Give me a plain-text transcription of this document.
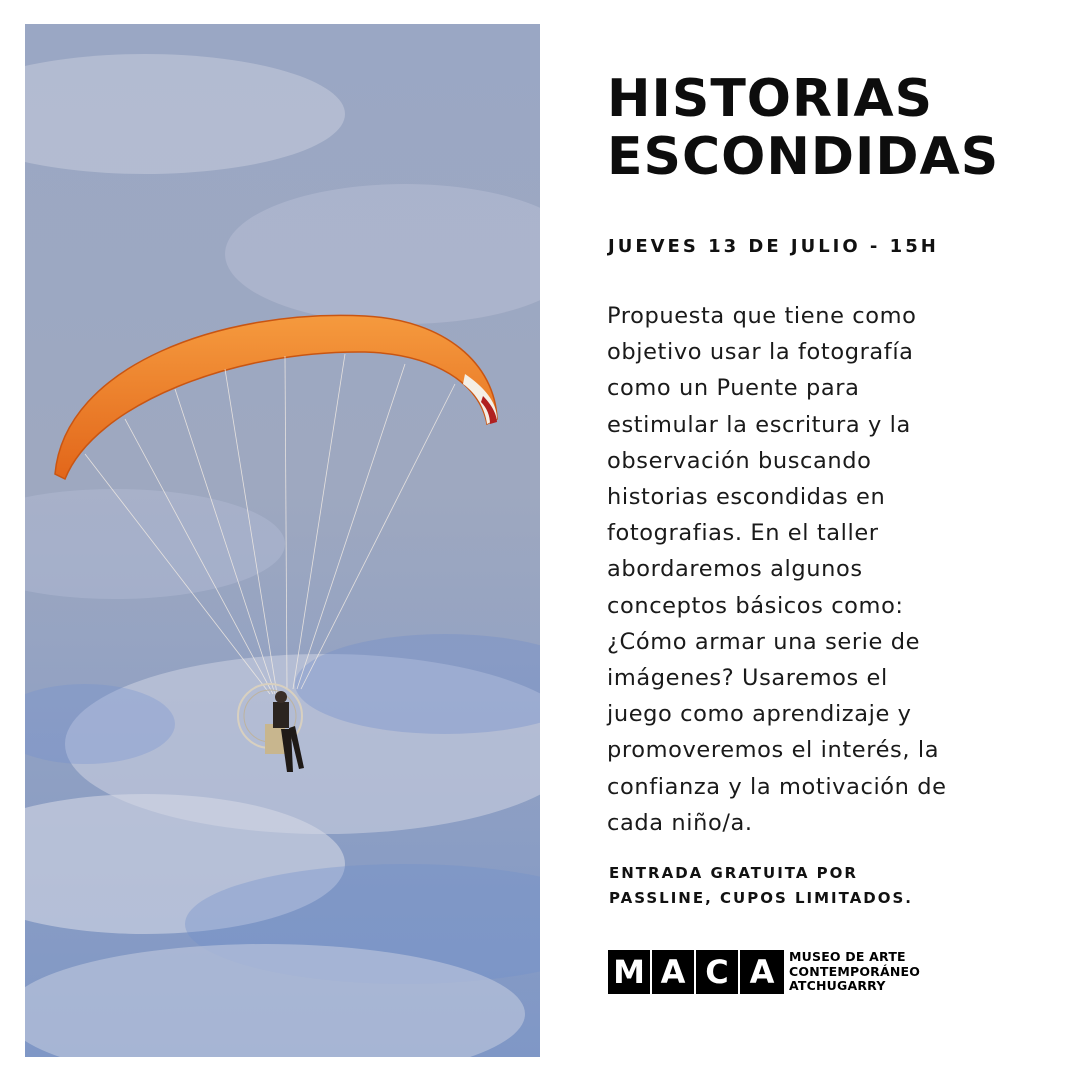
HISTORIAS
ESCONDIDAS
JUEVES 13 DE JULIO - 15H
Propuesta que tiene como
objetivo usar la fotografía
como un Puente para
estimular la escritura y la
observación buscando
historias escondidas en
fotografias. En el taller
abordaremos algunos
conceptos básicos como:
¿Cómo armar una serie de
imágenes? Usaremos el
juego como aprendizaje y
promoveremos el interés, la
confianza y la motivación de
cada niño/a.
ENTRADA GRATUITA POR
PASSLINE, CUPOS LIMITADOS.
M A C A	MUSEO DE ARTE
CONTEMPORÁNEO
ATCHUGARRY
